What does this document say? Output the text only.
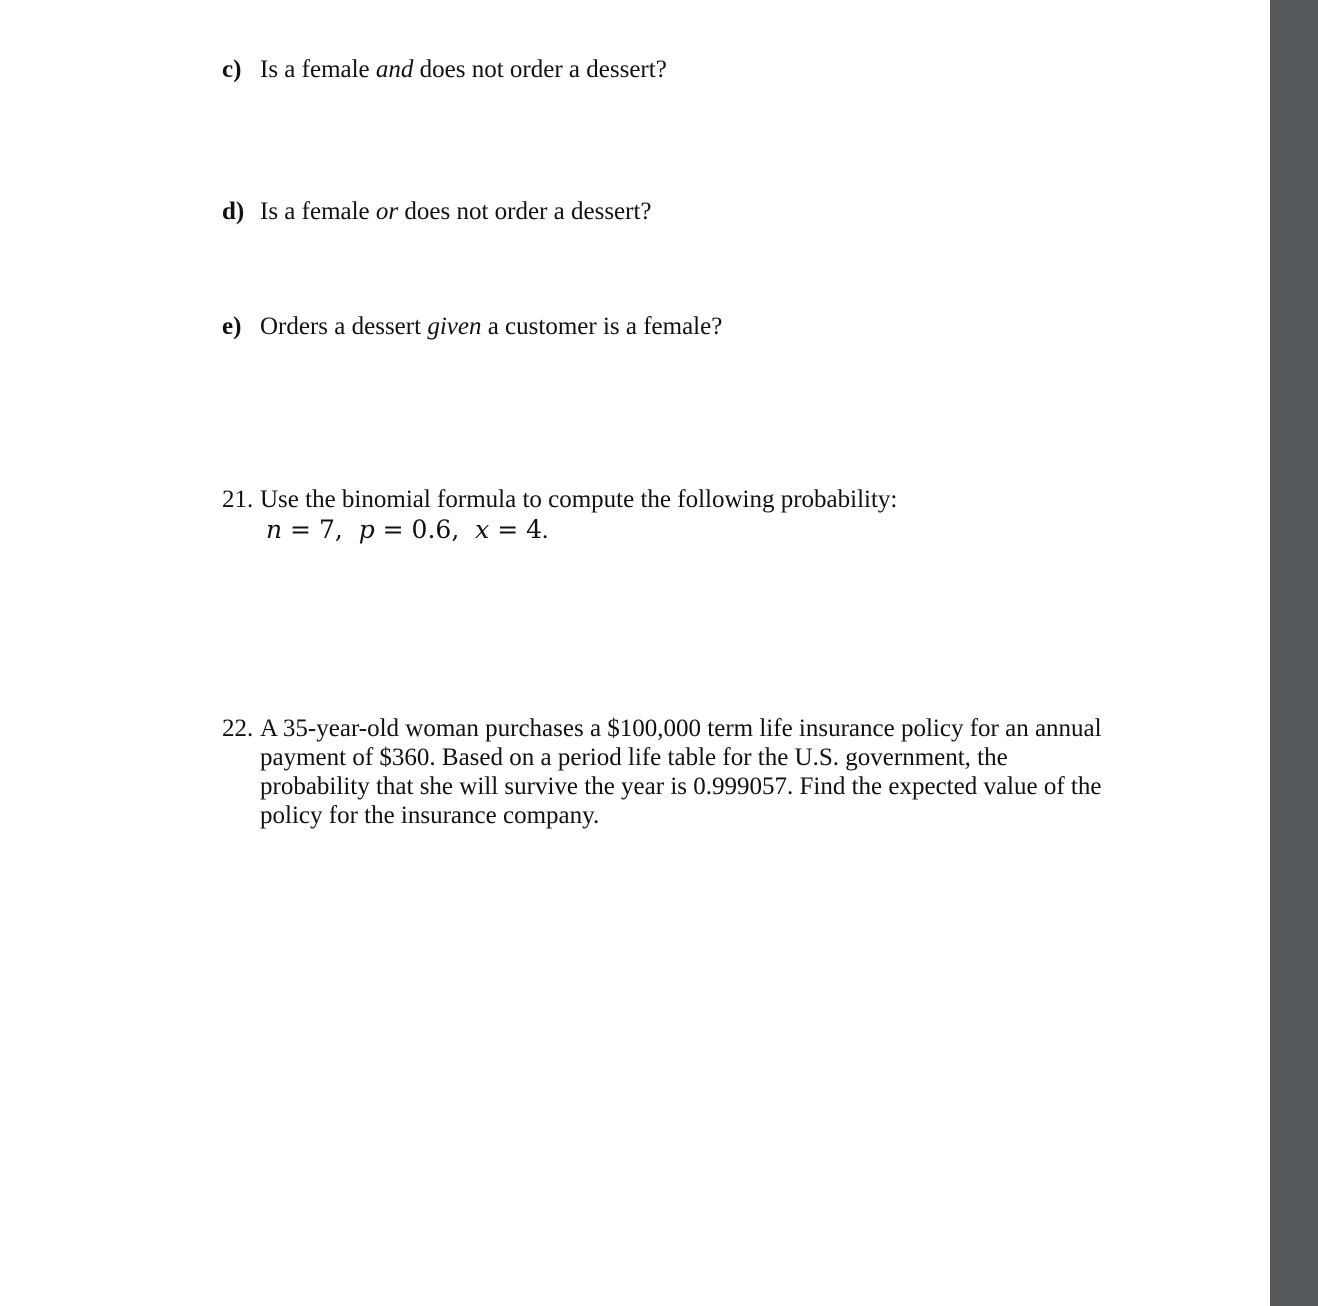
c) Is a female and does not order a dessert?

d) Is a female or does not order a dessert?

e) Orders a dessert given a customer is a female?

21. Use the binomial formula to compute the following probability:

n = 7,  p = 0.6,  x = 4.

22. A 35-year-old woman purchases a $100,000 term life insurance policy for an annual

payment of $360. Based on a period life table for the U.S. government, the

probability that she will survive the year is 0.999057. Find the expected value of the

policy for the insurance company.
